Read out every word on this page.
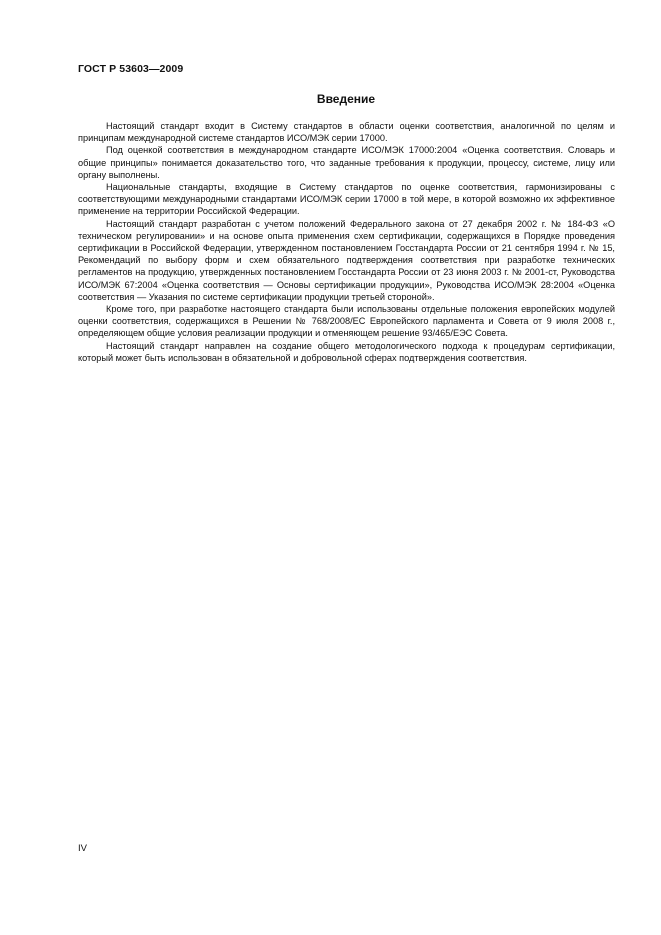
ГОСТ Р 53603—2009
Введение

Настоящий стандарт входит в Систему стандартов в области оценки соответствия, аналогичной по целям и принципам международной системе стандартов ИСО/МЭК серии 17000.

Под оценкой соответствия в международном стандарте ИСО/МЭК 17000:2004 «Оценка соответствия. Словарь и общие принципы» понимается доказательство того, что заданные требования к продукции, процессу, системе, лицу или органу выполнены.

Национальные стандарты, входящие в Систему стандартов по оценке соответствия, гармонизированы с соответствующими международными стандартами ИСО/МЭК серии 17000 в той мере, в которой возможно их эффективное применение на территории Российской Федерации.

Настоящий стандарт разработан с учетом положений Федерального закона от 27 декабря 2002 г. № 184-ФЗ «О техническом регулировании» и на основе опыта применения схем сертификации, содержащихся в Порядке проведения сертификации в Российской Федерации, утвержденном постановлением Госстандарта России от 21 сентября 1994 г. № 15, Рекомендаций по выбору форм и схем обязательного подтверждения соответствия при разработке технических регламентов на продукцию, утвержденных постановлением Госстандарта России от 23 июня 2003 г. № 2001-ст, Руководства ИСО/МЭК 67:2004 «Оценка соответствия — Основы сертификации продукции», Руководства ИСО/МЭК 28:2004 «Оценка соответствия — Указания по системе сертификации продукции третьей стороной».

Кроме того, при разработке настоящего стандарта были использованы отдельные положения европейских модулей оценки соответствия, содержащихся в Решении № 768/2008/ЕС Европейского парламента и Совета от 9 июля 2008 г., определяющем общие условия реализации продукции и отменяющем решение 93/465/ЕЭС Совета.

Настоящий стандарт направлен на создание общего методологического подхода к процедурам сертификации, который может быть использован в обязательной и добровольной сферах подтверждения соответствия.

IV
